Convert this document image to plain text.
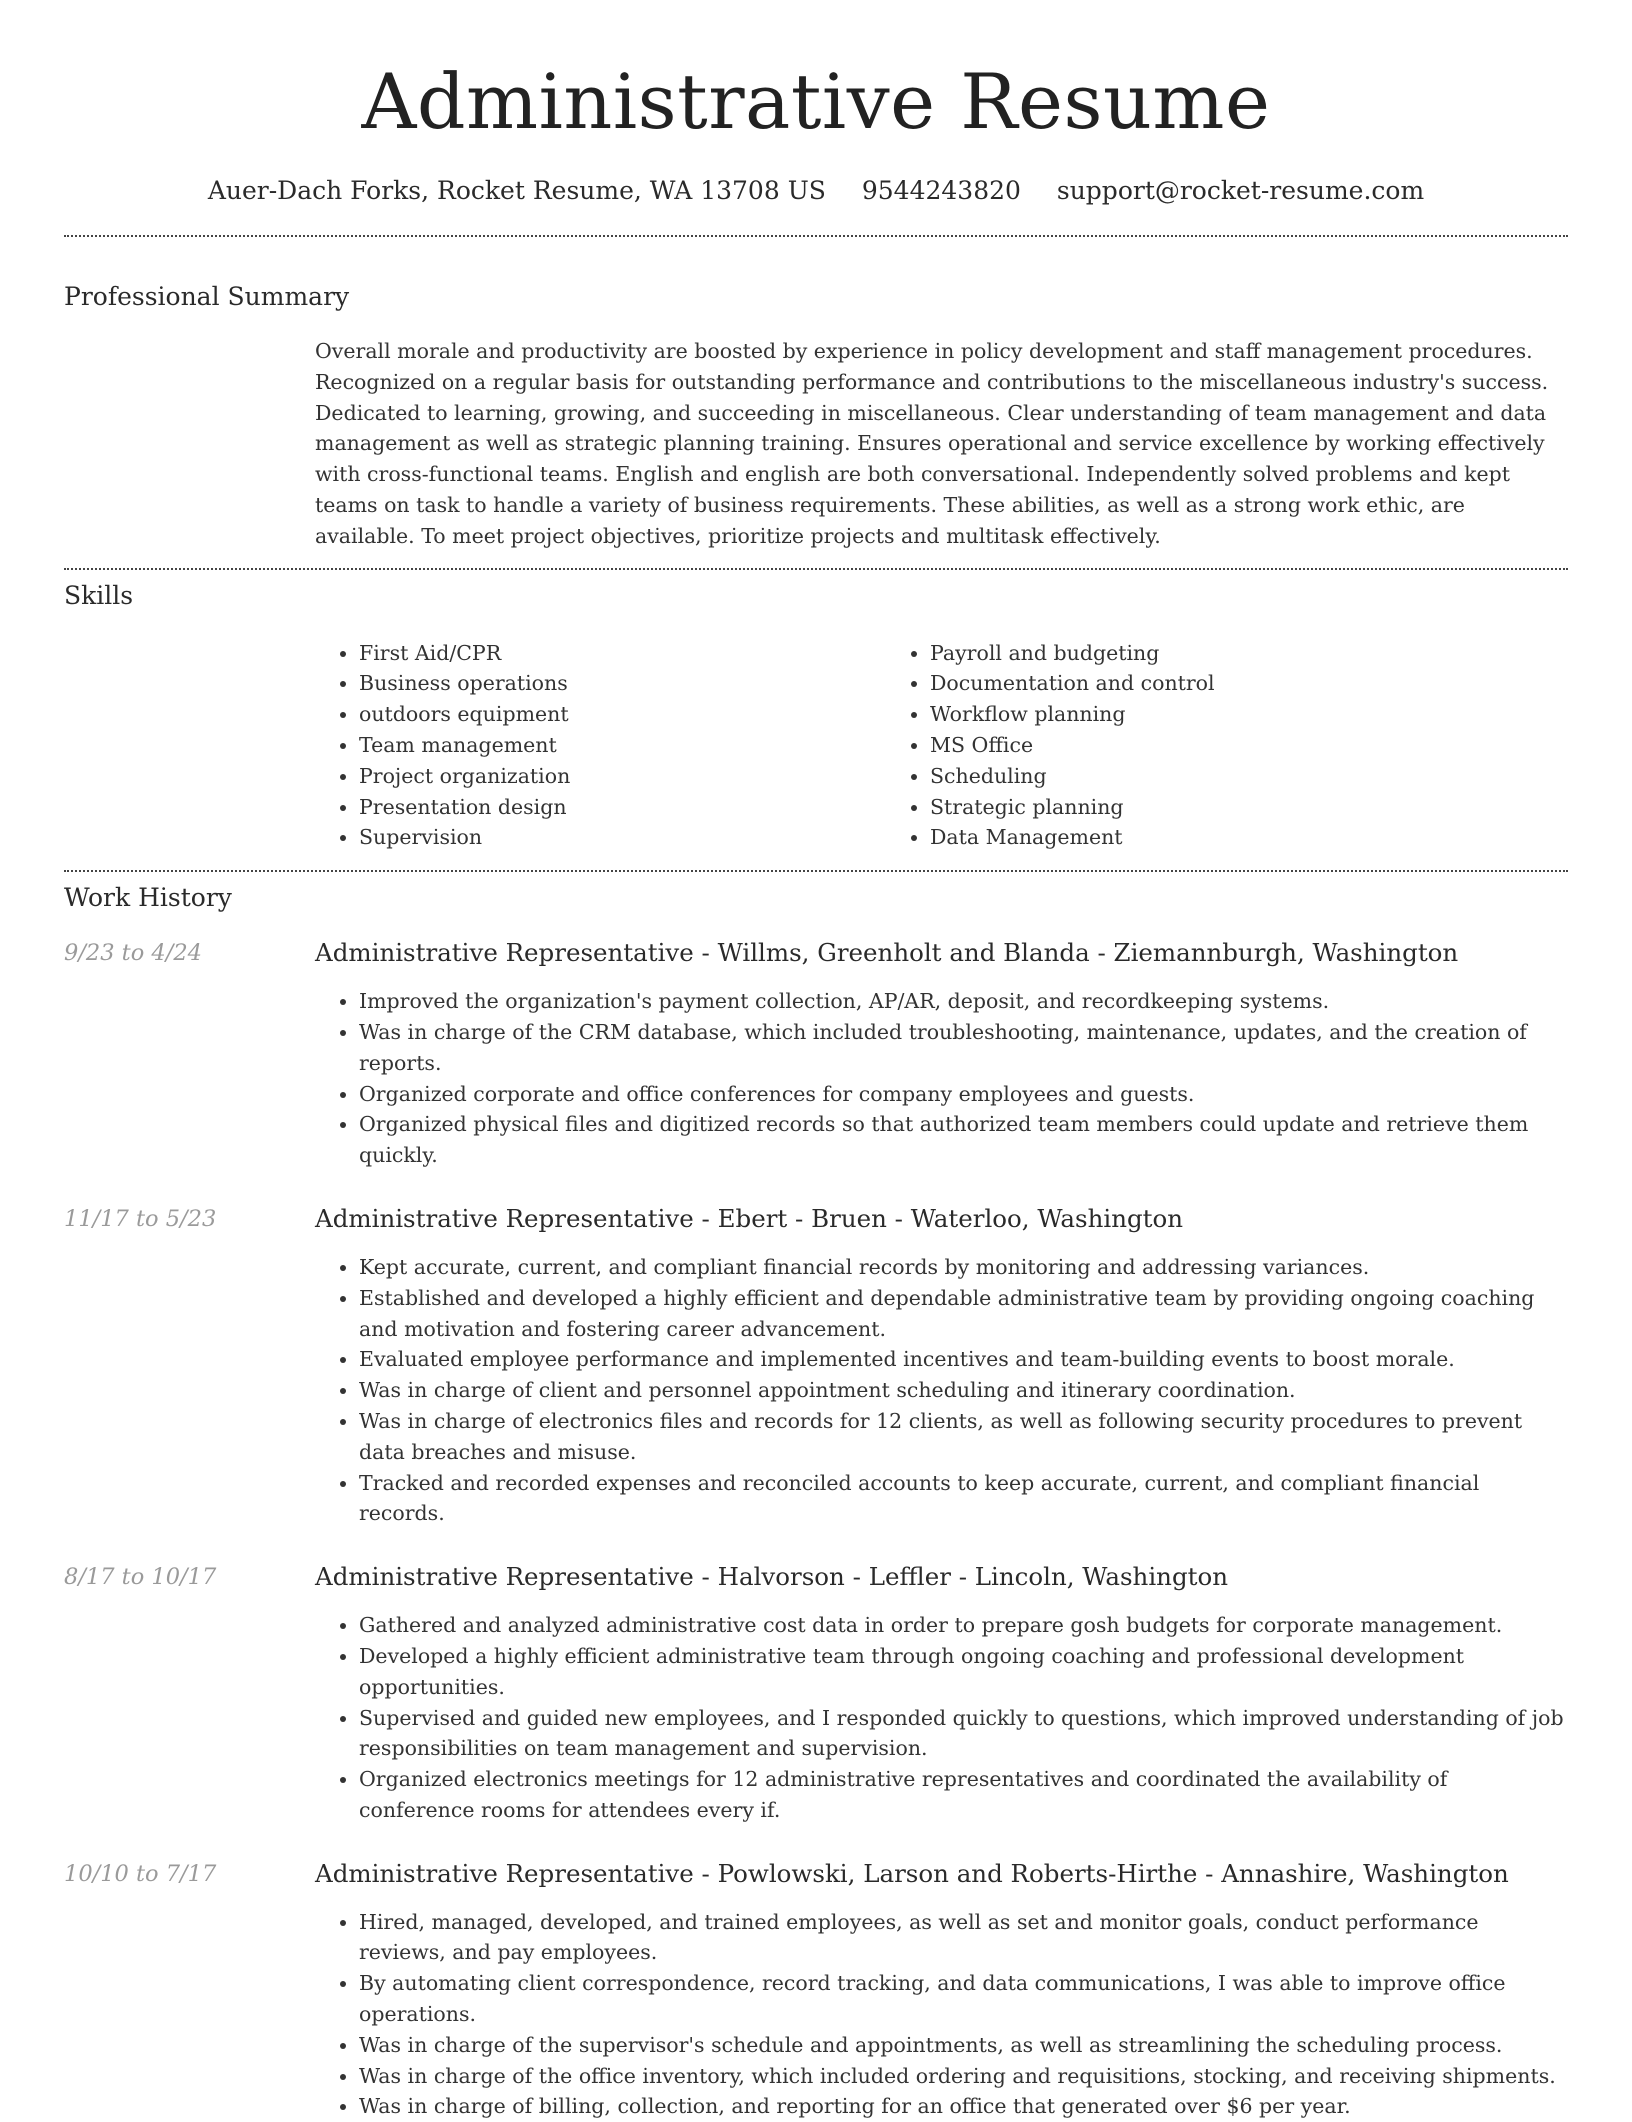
Administrative Resume
Auer-Dach Forks, Rocket Resume, WA 13708 US 9544243820 support@rocket-resume.com
Professional Summary

Overall morale and productivity are boosted by experience in policy development and staff management procedures. Recognized on a regular basis for outstanding performance and contributions to the miscellaneous industry's success. Dedicated to learning, growing, and succeeding in miscellaneous. Clear understanding of team management and data management as well as strategic planning training. Ensures operational and service excellence by working effectively with cross-functional teams. English and english are both conversational. Independently solved problems and kept teams on task to handle a variety of business requirements. These abilities, as well as a strong work ethic, are available. To meet project objectives, prioritize projects and multitask effectively.

Skills
• First Aid/CPR
• Business operations
• outdoors equipment
• Team management
• Project organization
• Presentation design
• Supervision
• Payroll and budgeting
• Documentation and control
• Workflow planning
• MS Office
• Scheduling
• Strategic planning
• Data Management
Work History
9/23 to 4/24	Administrative Representative - Willms, Greenholt and Blanda - Ziemannburgh, Washington
• Improved the organization's payment collection, AP/AR, deposit, and recordkeeping systems.
• Was in charge of the CRM database, which included troubleshooting, maintenance, updates, and the creation of reports.
• Organized corporate and office conferences for company employees and guests.
• Organized physical files and digitized records so that authorized team members could update and retrieve them quickly.
11/17 to 5/23	Administrative Representative - Ebert - Bruen - Waterloo, Washington
• Kept accurate, current, and compliant financial records by monitoring and addressing variances.
• Established and developed a highly efficient and dependable administrative team by providing ongoing coaching and motivation and fostering career advancement.
• Evaluated employee performance and implemented incentives and team-building events to boost morale.
• Was in charge of client and personnel appointment scheduling and itinerary coordination.
• Was in charge of electronics files and records for 12 clients, as well as following security procedures to prevent data breaches and misuse.
• Tracked and recorded expenses and reconciled accounts to keep accurate, current, and compliant financial records.
8/17 to 10/17	Administrative Representative - Halvorson - Leffler - Lincoln, Washington
• Gathered and analyzed administrative cost data in order to prepare gosh budgets for corporate management.
• Developed a highly efficient administrative team through ongoing coaching and professional development opportunities.
• Supervised and guided new employees, and I responded quickly to questions, which improved understanding of job responsibilities on team management and supervision.
• Organized electronics meetings for 12 administrative representatives and coordinated the availability of conference rooms for attendees every if.
10/10 to 7/17	Administrative Representative - Powlowski, Larson and Roberts-Hirthe - Annashire, Washington
• Hired, managed, developed, and trained employees, as well as set and monitor goals, conduct performance reviews, and pay employees.
• By automating client correspondence, record tracking, and data communications, I was able to improve office operations.
• Was in charge of the supervisor's schedule and appointments, as well as streamlining the scheduling process.
• Was in charge of the office inventory, which included ordering and requisitions, stocking, and receiving shipments.
• Was in charge of billing, collection, and reporting for an office that generated over $6 per year.
